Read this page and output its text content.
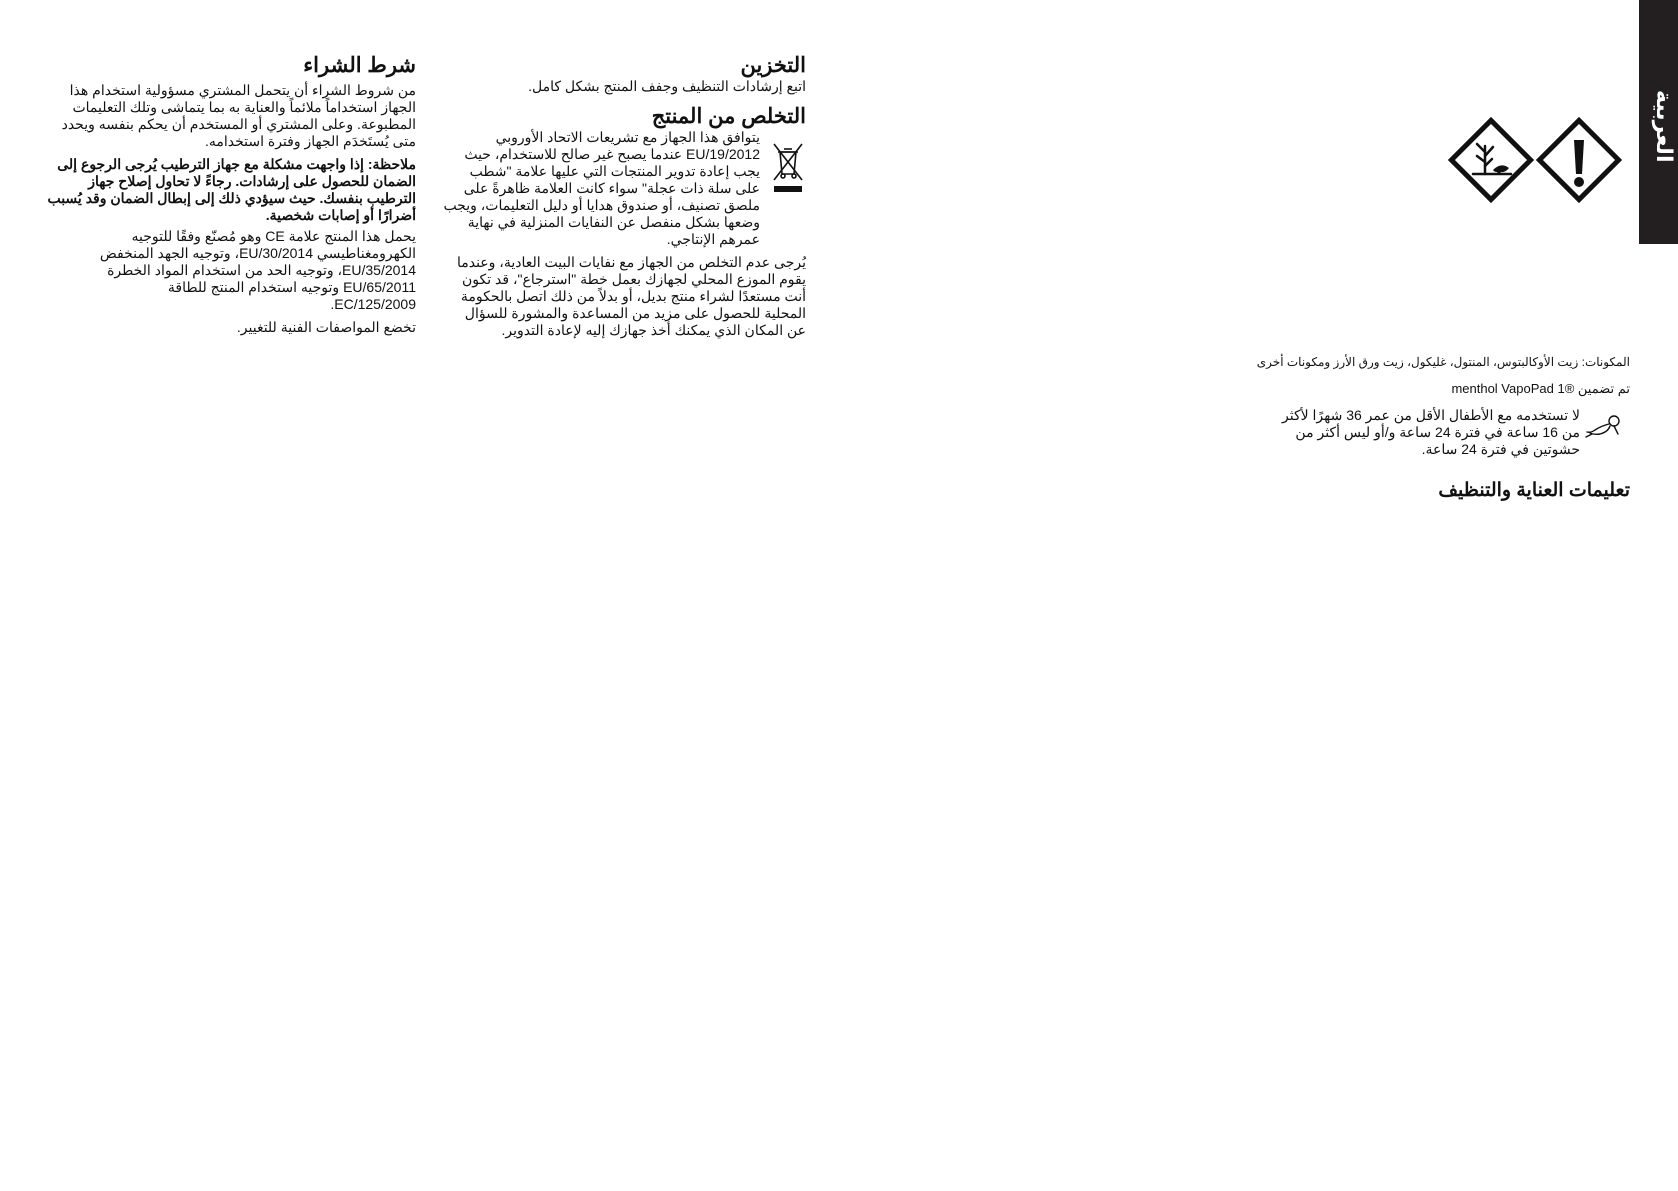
العربية

المكونات: زيت الأوكالبتوس، المنتول، غليكول، زيت ورق الأرز ومكونات أخرى

تم تضمين ®1 menthol VapoPad

لا تستخدمه مع الأطفال الأقل من عمر 36 شهرًا لأكثر من 16 ساعة في فترة 24 ساعة و/أو ليس أكثر من حشوتين في فترة 24 ساعة.

تعليمات العناية والتنظيف
التخزين

اتبع إرشادات التنظيف وجفف المنتج بشكل كامل.

التخلص من المنتج

يتوافق هذا الجهاز مع تشريعات الاتحاد الأوروبي EU/19/2012 عندما يصبح غير صالح للاستخدام، حيث يجب إعادة تدوير المنتجات التي عليها علامة "شطب على سلة ذات عجلة" سواء كانت العلامة ظاهرةً على ملصق تصنيف، أو صندوق هدايا أو دليل التعليمات، ويجب وضعها بشكل منفصل عن النفايات المنزلية في نهاية عمرهم الإنتاجي.

يُرجى عدم التخلص من الجهاز مع نفايات البيت العادية، وعندما يقوم الموزع المحلي لجهازك بعمل خطة "استرجاع"، قد تكون أنت مستعدًا لشراء منتج بديل، أو بدلاً من ذلك اتصل بالحكومة المحلية للحصول على مزيد من المساعدة والمشورة للسؤال عن المكان الذي يمكنك أخذ جهازك إليه لإعادة التدوير.

شرط الشراء

من شروط الشراء أن يتحمل المشتري مسؤولية استخدام هذا الجهاز استخداماً ملائماً والعناية به بما يتماشى وتلك التعليمات المطبوعة. وعلى المشتري أو المستخدم أن يحكم بنفسه ويحدد متى يُستَخدَم الجهاز وفترة استخدامه.

ملاحظة: إذا واجهت مشكلة مع جهاز الترطيب يُرجى الرجوع إلى الضمان للحصول على إرشادات. رجاءً لا تحاول إصلاح جهاز الترطيب بنفسك. حيث سيؤدي ذلك إلى إبطال الضمان وقد يُسبب أضرارًا أو إصابات شخصية.

يحمل هذا المنتج علامة CE وهو مُصنّع وفقًا للتوجيه الكهرومغناطيسي EU/30/2014، وتوجيه الجهد المنخفض EU/35/2014، وتوجيه الحد من استخدام المواد الخطرة EU/65/2011 وتوجيه استخدام المنتج للطاقة EC/125/2009.

تخضع المواصفات الفنية للتغيير.
